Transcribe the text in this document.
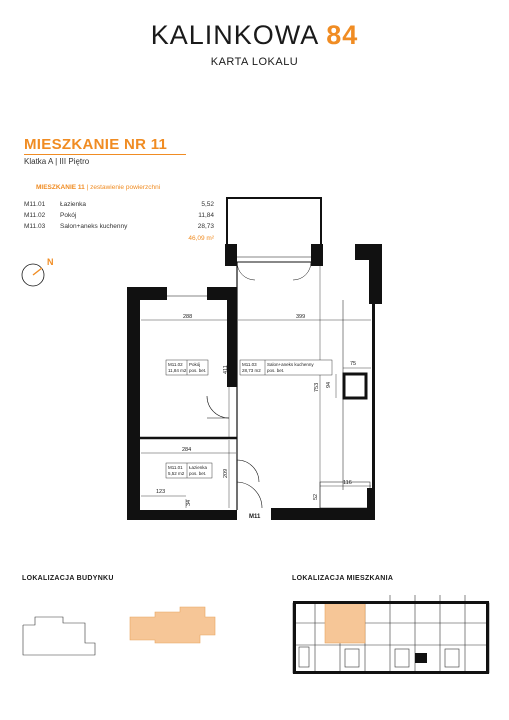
KALINKOWA 84
KARTA LOKALU
MIESZKANIE NR 11
Klatka A | III Piętro
MIESZKANIE 11 | zestawienie powierzchni
M11.01 Łazienka	5,52
M11.02 Pokój	11,84
M11.03 Salon+aneks kuchenny	28,73
46,09 m²
N
288	399
75
94
753
411
284
209
116
52
123
34
M11.02
11,84 m2
Pokój
pos. bet.
M11.03
28,73 m2
Salon+aneks kuchenny
pos. bet.
M11.01
5,52 m2
Łazienka
pos. bet.
M11
LOKALIZACJA BUDYNKU	LOKALIZACJA MIESZKANIA
